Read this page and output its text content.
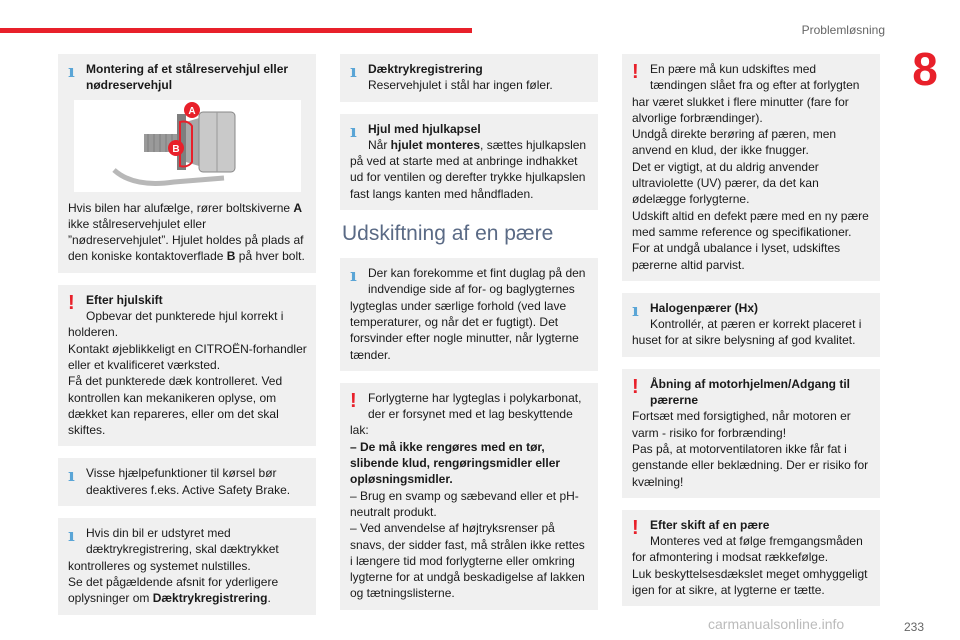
Problemløsning
8
ı Montering af et stålreservehjul eller

nødreservehjul

A
B

Hvis bilen har alufælge, rører boltskiverne A ikke stålreservehjulet eller ”nødreservehjulet”. Hjulet holdes på plads af den koniske kontaktoverflade B på hver bolt.

! Efter hjulskift

Opbevar det punkterede hjul korrekt i

holderen.

Kontakt øjeblikkeligt en CITROËN-forhandler eller et kvalificeret værksted.

Få det punkterede dæk kontrolleret. Ved kontrollen kan mekanikeren oplyse, om dækket kan repareres, eller om det skal skiftes.

ı Visse hjælpefunktioner til kørsel bør

deaktiveres f.eks. Active Safety Brake.

ı Hvis din bil er udstyret med

dæktrykregistrering, skal dæktrykket

kontrolleres og systemet nulstilles.

Se det pågældende afsnit for yderligere oplysninger om Dæktrykregistrering.

ı Dæktrykregistrering

Reservehjulet i stål har ingen føler.

ı Hjul med hjulkapsel

Når hjulet monteres, sættes hjulkapslen

på ved at starte med at anbringe indhakket ud for ventilen og derefter trykke hjulkapslen fast langs kanten med håndfladen.

Udskiftning af en pære
ı Der kan forekomme et fint duglag på den

indvendige side af for- og baglygternes

lygteglas under særlige forhold (ved lave temperaturer, og når det er fugtigt). Det forsvinder efter nogle minutter, når lygterne tænder.

! Forlygterne har lygteglas i polykarbonat,

der er forsynet med et lag beskyttende

lak:

– De må ikke rengøres med en tør, slibende klud, rengøringsmidler eller opløsningsmidler.

– Brug en svamp og sæbevand eller et pH-neutralt produkt.

– Ved anvendelse af højtryksrenser på snavs, der sidder fast, må strålen ikke rettes i længere tid mod forlygterne eller omkring lygterne for at undgå beskadigelse af lakken og tætningslisterne.

! En pære må kun udskiftes med

tændingen slået fra og efter at forlygten

har været slukket i flere minutter (fare for alvorlige forbrændinger).

Undgå direkte berøring af pæren, men anvend en klud, der ikke fnugger.

Det er vigtigt, at du aldrig anvender ultraviolette (UV) pærer, da det kan ødelægge forlygterne.

Udskift altid en defekt pære med en ny pære med samme reference og specifikationer. For at undgå ubalance i lyset, udskiftes pærerne altid parvist.

ı Halogenpærer (Hx)

Kontrollér, at pæren er korrekt placeret i

huset for at sikre belysning af god kvalitet.

! Åbning af motorhjelmen/Adgang til

pærerne

Fortsæt med forsigtighed, når motoren er varm - risiko for forbrænding!

Pas på, at motorventilatoren ikke får fat i genstande eller beklædning. Der er risiko for kvælning!

! Efter skift af en pære

Monteres ved at følge fremgangsmåden

for afmontering i modsat rækkefølge.

Luk beskyttelsesdækslet meget omhyggeligt igen for at sikre, at lygterne er tætte.

carmanualsonline.info	233
